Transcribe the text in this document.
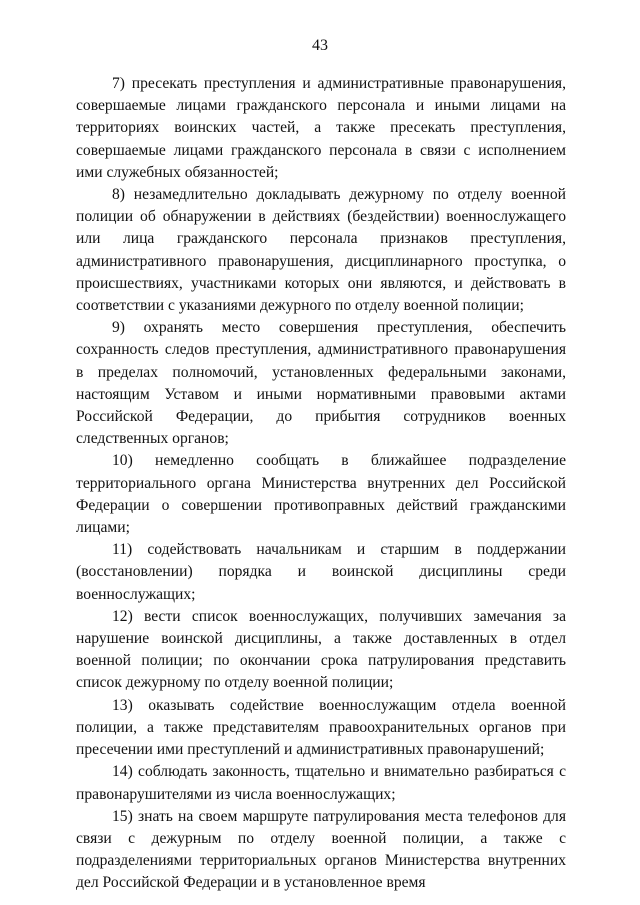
43

7) пресекать преступления и административные правонарушения, совершаемые лицами гражданского персонала и иными лицами на территориях воинских частей, а также пресекать преступления, совершаемые лицами гражданского персонала в связи с исполнением ими служебных обязанностей;

8) незамедлительно докладывать дежурному по отделу военной полиции об обнаружении в действиях (бездействии) военнослужащего или лица гражданского персонала признаков преступления, административного правонарушения, дисциплинарного проступка, о происшествиях, участниками которых они являются, и действовать в соответствии с указаниями дежурного по отделу военной полиции;

9) охранять место совершения преступления, обеспечить сохранность следов преступления, административного правонарушения в пределах полномочий, установленных федеральными законами, настоящим Уставом и иными нормативными правовыми актами Российской Федерации, до прибытия сотрудников военных следственных органов;

10) немедленно сообщать в ближайшее подразделение территориального органа Министерства внутренних дел Российской Федерации о совершении противоправных действий гражданскими лицами;

11) содействовать начальникам и старшим в поддержании (восстановлении) порядка и воинской дисциплины среди военнослужащих;

12) вести список военнослужащих, получивших замечания за нарушение воинской дисциплины, а также доставленных в отдел военной полиции; по окончании срока патрулирования представить список дежурному по отделу военной полиции;

13) оказывать содействие военнослужащим отдела военной полиции, а также представителям правоохранительных органов при пресечении ими преступлений и административных правонарушений;

14) соблюдать законность, тщательно и внимательно разбираться с правонарушителями из числа военнослужащих;

15) знать на своем маршруте патрулирования места телефонов для связи с дежурным по отделу военной полиции, а также с подразделениями территориальных органов Министерства внутренних дел Российской Федерации и в установленное время
